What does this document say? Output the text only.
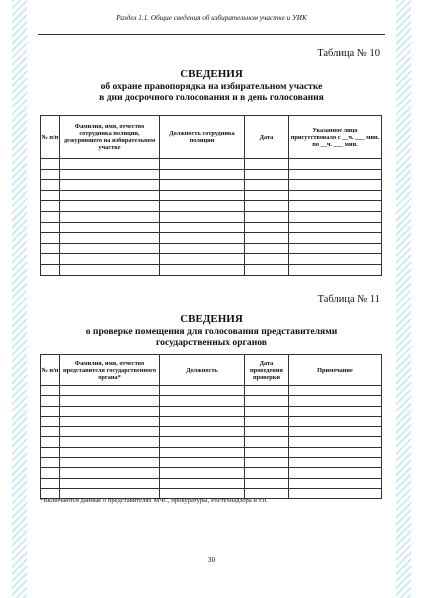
Раздел 1.1. Общие сведения об избирательном участке и УИК
Таблица № 10
СВЕДЕНИЯ
об охране правопорядка на избирательном участке
в дни досрочного голосования и в день голосования
№ п/п	Фамилия, имя, отчество сотрудника полиции, дежурившего на избирательном участке	Должность сотрудника полиции	Дата	Указанное лицо присутствовало с __ч. ___ мин. по __ч. ___ мин.

Таблица № 11
СВЕДЕНИЯ
о проверке помещения для голосования представителями
государственных органов
№ п/п	Фамилия, имя, отчество представителя государственного органа*	Должность	Дата проведения проверки	Примечание

*Включаются данные о представителях МЧС, прокуратуры, Ростехнадзора и т.п.
30
